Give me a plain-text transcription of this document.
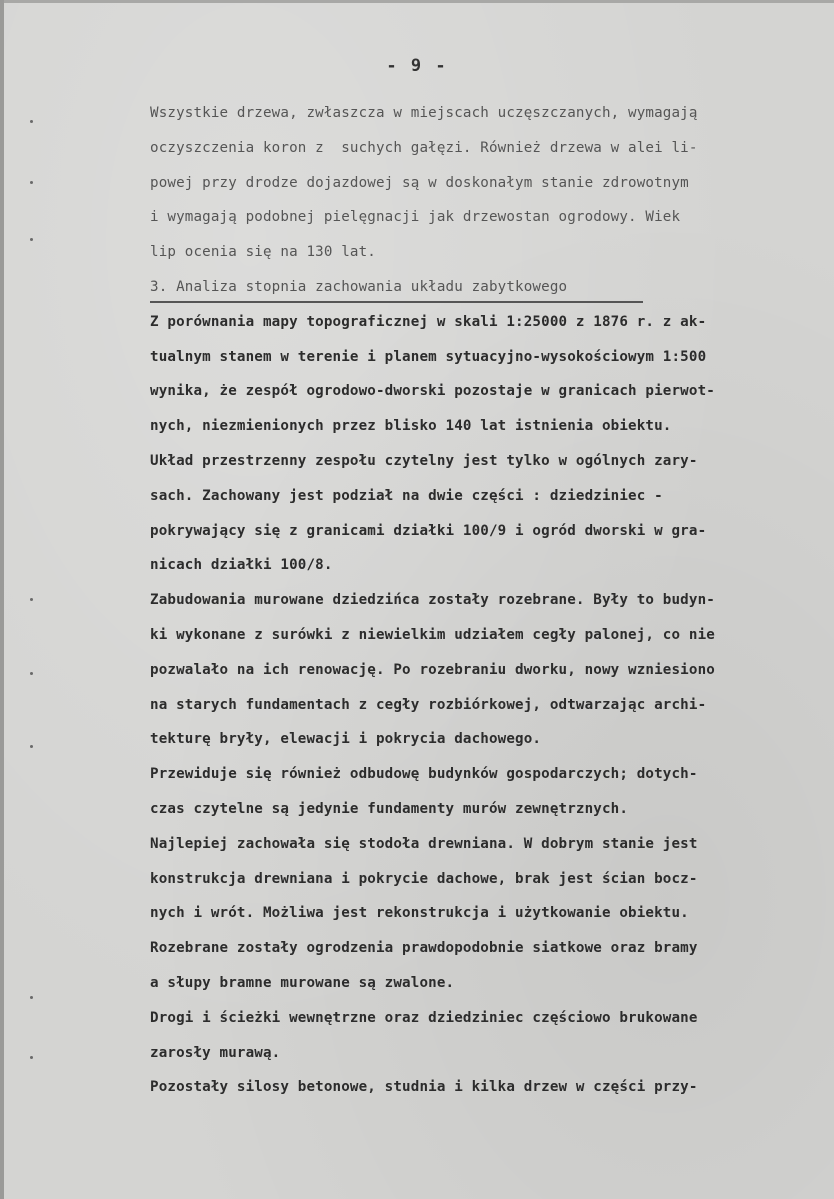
- 9 -
Wszystkie drzewa, zwłaszcza w miejscach uczęszczanych, wymagają
oczyszczenia koron z  suchych gałęzi. Również drzewa w alei li-
powej przy drodze dojazdowej są w doskonałym stanie zdrowotnym
i wymagają podobnej pielęgnacji jak drzewostan ogrodowy. Wiek
lip ocenia się na 130 lat.
3. Analiza stopnia zachowania układu zabytkowego
Z porównania mapy topograficznej w skali 1:25000 z 1876 r. z ak-
tualnym stanem w terenie i planem sytuacyjno-wysokościowym 1:500
wynika, że zespół ogrodowo-dworski pozostaje w granicach pierwot-
nych, niezmienionych przez blisko 140 lat istnienia obiektu.
Układ przestrzenny zespołu czytelny jest tylko w ogólnych zary-
sach. Zachowany jest podział na dwie części : dziedziniec -
pokrywający się z granicami działki 100/9 i ogród dworski w gra-
nicach działki 100/8.
Zabudowania murowane dziedzińca zostały rozebrane. Były to budyn-
ki wykonane z surówki z niewielkim udziałem cegły palonej, co nie
pozwalało na ich renowację. Po rozebraniu dworku, nowy wzniesiono
na starych fundamentach z cegły rozbiórkowej, odtwarzając archi-
tekturę bryły, elewacji i pokrycia dachowego.
Przewiduje się również odbudowę budynków gospodarczych; dotych-
czas czytelne są jedynie fundamenty murów zewnętrznych.
Najlepiej zachowała się stodoła drewniana. W dobrym stanie jest
konstrukcja drewniana i pokrycie dachowe, brak jest ścian bocz-
nych i wrót. Możliwa jest rekonstrukcja i użytkowanie obiektu.
Rozebrane zostały ogrodzenia prawdopodobnie siatkowe oraz bramy
a słupy bramne murowane są zwalone.
Drogi i ścieżki wewnętrzne oraz dziedziniec częściowo brukowane
zarosły murawą.
Pozostały silosy betonowe, studnia i kilka drzew w części przy-
